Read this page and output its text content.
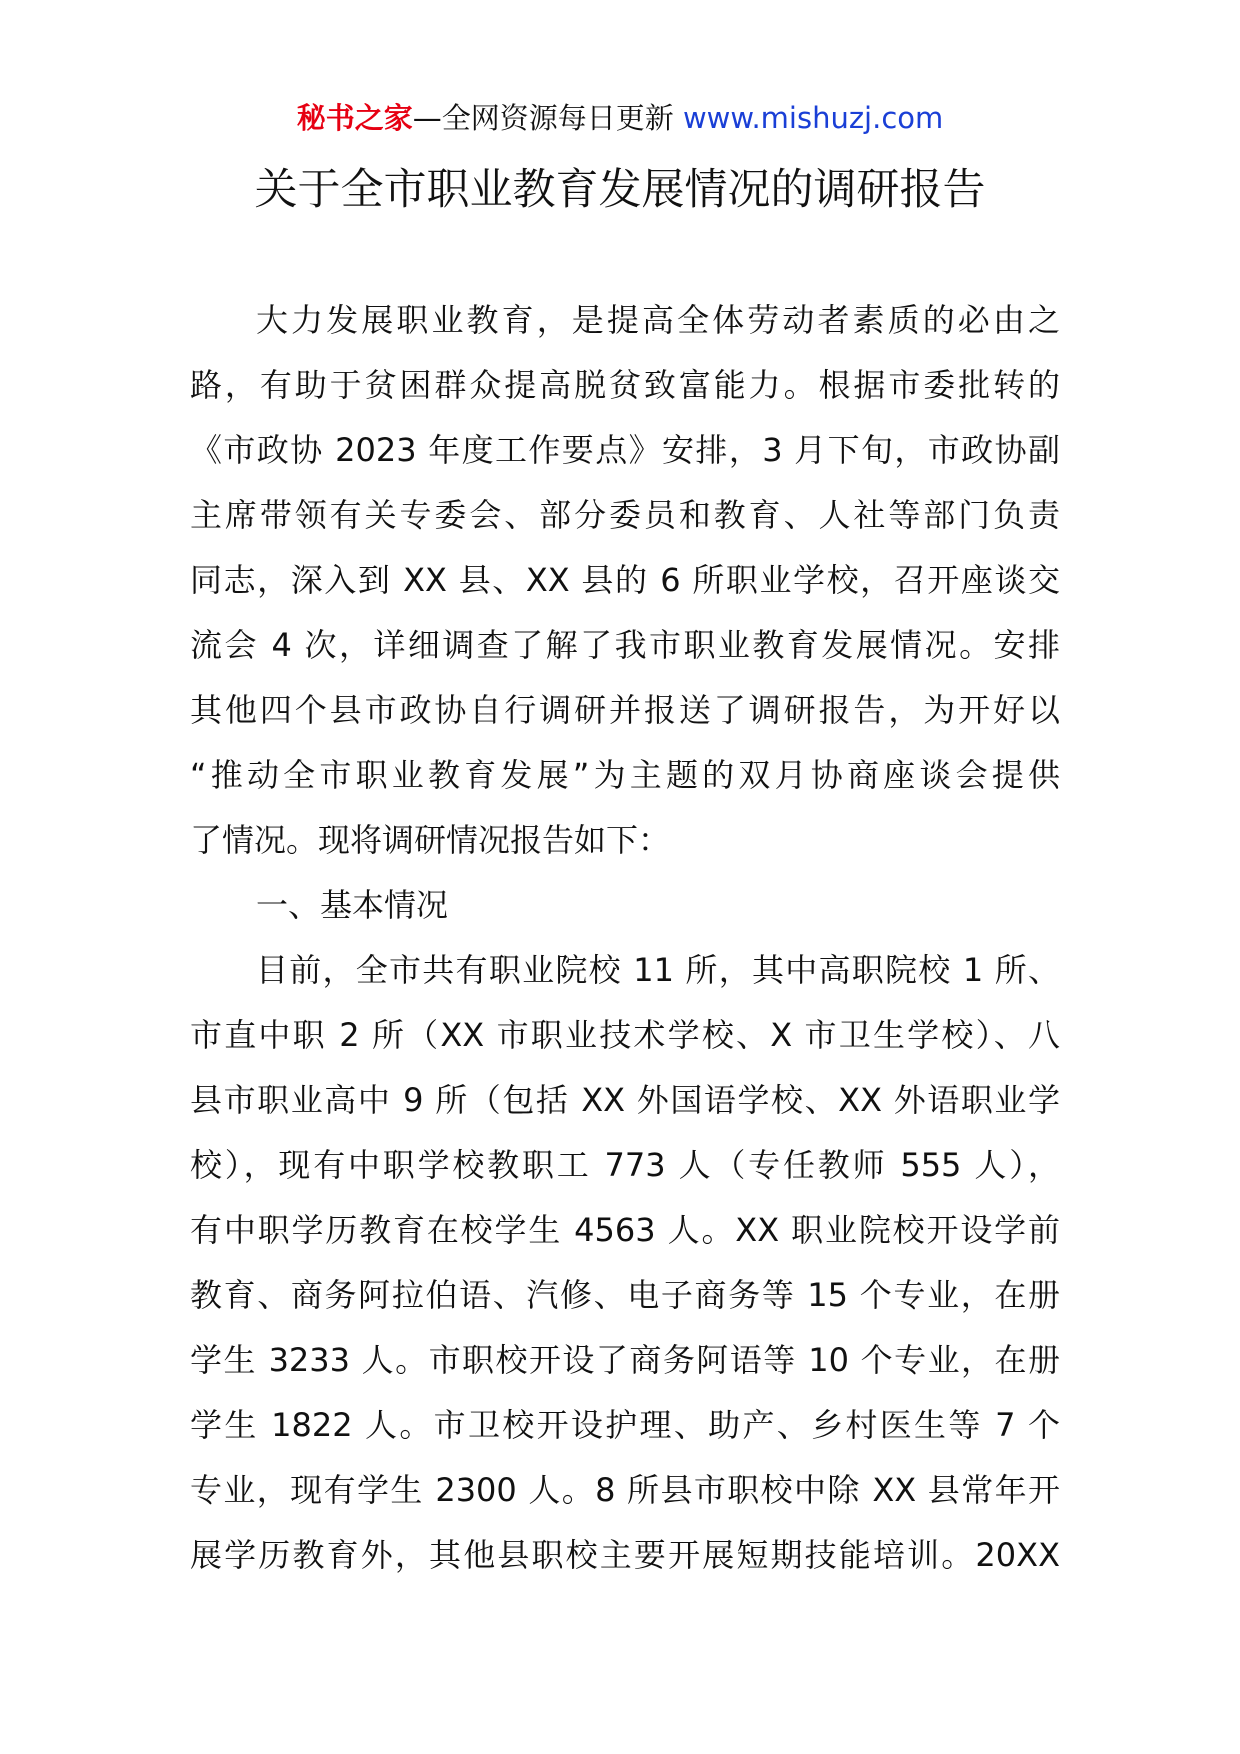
秘书之家—全网资源每日更新 www.mishuzj.com
关于全市职业教育发展情况的调研报告
大力发展职业教育，是提高全体劳动者素质的必由之
路，有助于贫困群众提高脱贫致富能力。根据市委批转的
《市政协 2023 年度工作要点》安排，3 月下旬，市政协副
主席带领有关专委会、部分委员和教育、人社等部门负责
同志，深入到 XX 县、XX 县的 6 所职业学校，召开座谈交
流会 4 次，详细调查了解了我市职业教育发展情况。安排
其他四个县市政协自行调研并报送了调研报告，为开好以
“推动全市职业教育发展”为主题的双月协商座谈会提供
了情况。现将调研情况报告如下：
一、基本情况
目前，全市共有职业院校 11 所，其中高职院校 1 所、
市直中职 2 所（XX 市职业技术学校、X 市卫生学校）、八
县市职业高中 9 所（包括 XX 外国语学校、XX 外语职业学
校），现有中职学校教职工 773 人（专任教师 555 人），
有中职学历教育在校学生 4563 人。XX 职业院校开设学前
教育、商务阿拉伯语、汽修、电子商务等 15 个专业，在册
学生 3233 人。市职校开设了商务阿语等 10 个专业，在册
学生 1822 人。市卫校开设护理、助产、乡村医生等 7 个
专业，现有学生 2300 人。8 所县市职校中除 XX 县常年开
展学历教育外，其他县职校主要开展短期技能培训。20XX
